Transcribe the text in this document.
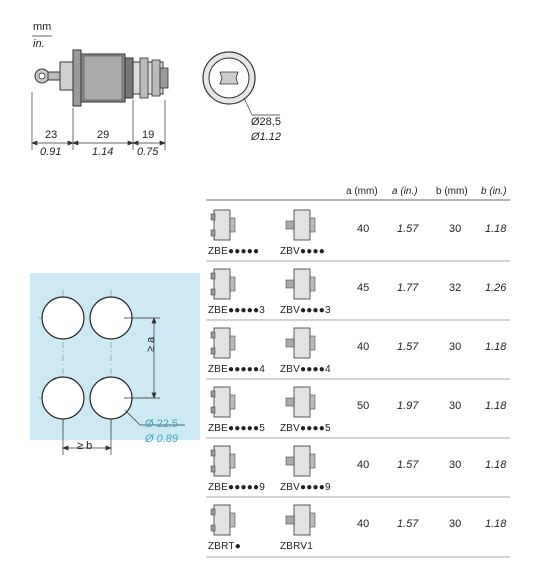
mm
in.
23
0.91
29
1.14
19
0.75
Ø28,5
Ø1.12
≥ a
≥ b
Ø 22.5
Ø 0.89
a (mm) a (in.) b (mm) b (in.)
40	1.57	30 1.18
ZBE●●●●● ZBV●●●●
45	1.77	32 1.26
ZBE●●●●●3 ZBV●●●●3
40	1.57	30 1.18
ZBE●●●●●4 ZBV●●●●4
50	1.97	30 1.18
ZBE●●●●●5 ZBV●●●●5
40	1.57	30 1.18
ZBE●●●●●9 ZBV●●●●9
40	1.57	30 1.18
ZBRT●	ZBRV1
